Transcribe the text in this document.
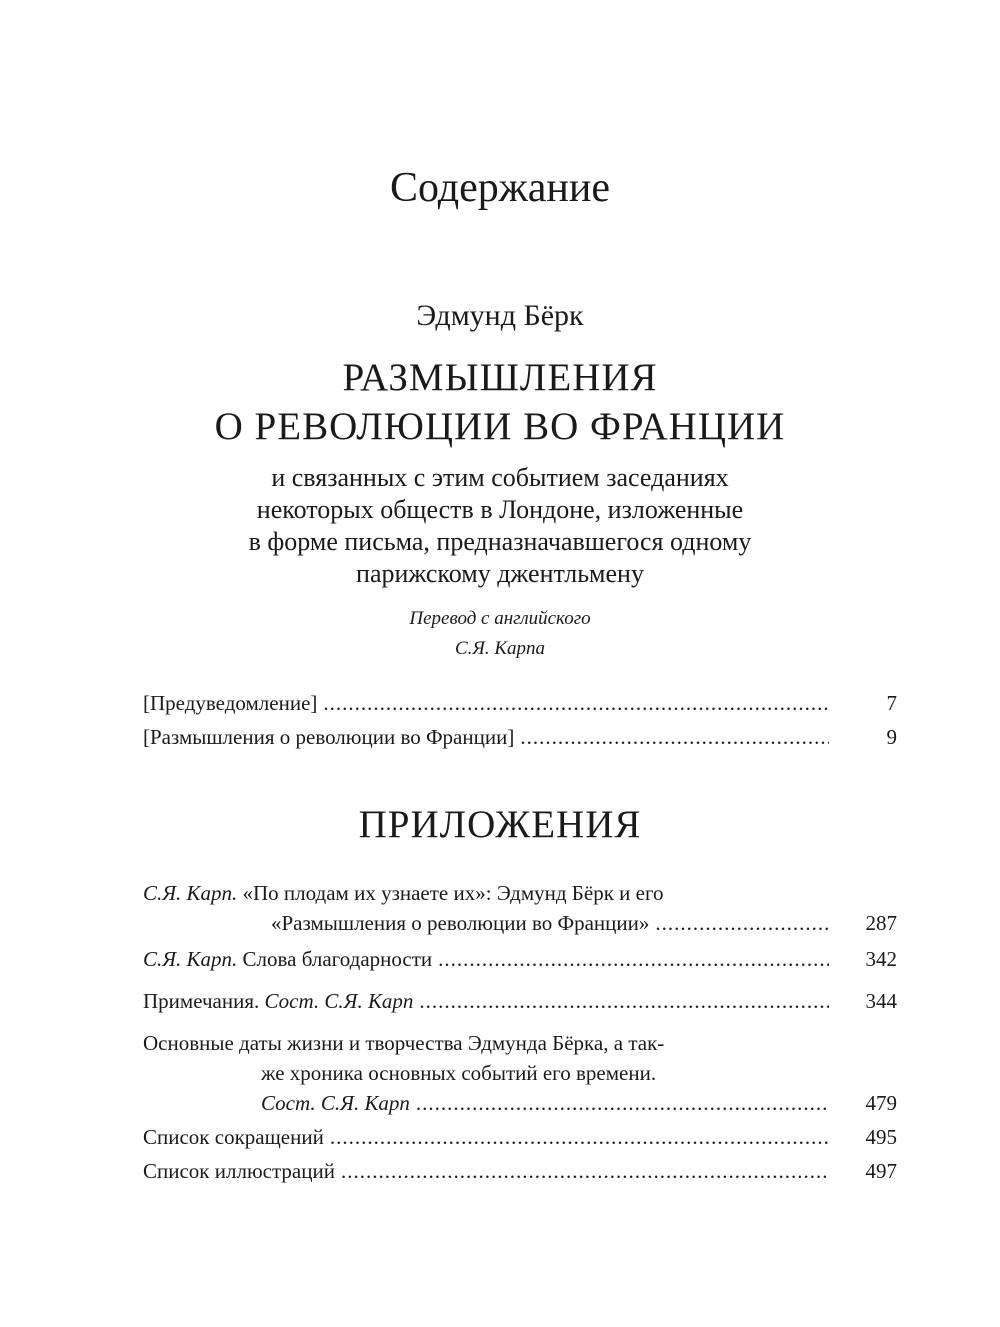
Содержание
Эдмунд Бёрк
РАЗМЫШЛЕНИЯ
О РЕВОЛЮЦИИ ВО ФРАНЦИИ
и связанных с этим событием заседаниях
некоторых обществ в Лондоне, изложенные
в форме письма, предназначавшегося одному
парижскому джентльмену
Перевод с английского
С.Я. Карпа
[Предуведомление] .....	7
[Размышления о революции во Франции] .....	9
ПРИЛОЖЕНИЯ
С.Я. Карп. «По плодам их узнаете их»: Эдмунд Бёрк и его
«Размышления о революции во Франции» .....	287
С.Я. Карп. Слова благодарности .....	342
Примечания. Сост. С.Я. Карп .....	344
Основные даты жизни и творчества Эдмунда Бёрка, а так-
же хроника основных событий его времени.
Сост. С.Я. Карп .....	479
Список сокращений .....	495
Список иллюстраций .....	497
